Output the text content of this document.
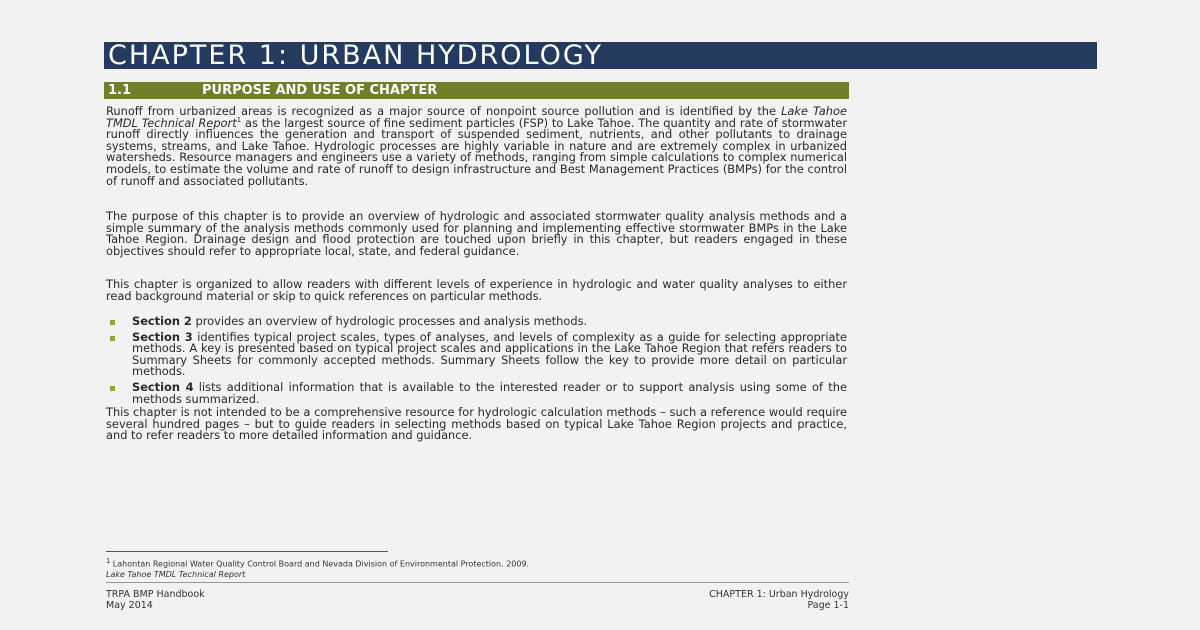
CHAPTER 1: URBAN HYDROLOGY
1.1	PURPOSE AND USE OF CHAPTER

Runoff from urbanized areas is recognized as a major source of nonpoint source pollution and is identified by the Lake Tahoe TMDL Technical Report$^1$ as the largest source of fine sediment particles (FSP) to Lake Tahoe. The quantity and rate of stormwater runoff directly influences the generation and transport of suspended sediment, nutrients, and other pollutants to drainage systems, streams, and Lake Tahoe. Hydrologic processes are highly variable in nature and are extremely complex in urbanized watersheds. Resource managers and engineers use a variety of methods, ranging from simple calculations to complex numerical models, to estimate the volume and rate of runoff to design infrastructure and Best Management Practices (BMPs) for the control of runoff and associated pollutants.

The purpose of this chapter is to provide an overview of hydrologic and associated stormwater quality analysis methods and a simple summary of the analysis methods commonly used for planning and implementing effective stormwater BMPs in the Lake Tahoe Region. Drainage design and flood protection are touched upon briefly in this chapter, but readers engaged in these objectives should refer to appropriate local, state, and federal guidance.

This chapter is organized to allow readers with different levels of experience in hydrologic and water quality analyses to either read background material or skip to quick references on particular methods.

Section 2 provides an overview of hydrologic processes and analysis methods.
Section 3 identifies typical project scales, types of analyses, and levels of complexity as a guide for selecting appropriate methods. A key is presented based on typical project scales and applications in the Lake Tahoe Region that refers readers to Summary Sheets for commonly accepted methods. Summary Sheets follow the key to provide more detail on particular methods.
Section 4 lists additional information that is available to the interested reader or to support analysis using some of the methods summarized.

This chapter is not intended to be a comprehensive resource for hydrologic calculation methods – such a reference would require several hundred pages – but to guide readers in selecting methods based on typical Lake Tahoe Region projects and practice, and to refer readers to more detailed information and guidance.

$^1$ Lahontan Regional Water Quality Control Board and Nevada Division of Environmental Protection. 2009.
Lake Tahoe TMDL Technical Report
TRPA BMP Handbook
May 2014
CHAPTER 1: Urban Hydrology
Page 1-1
